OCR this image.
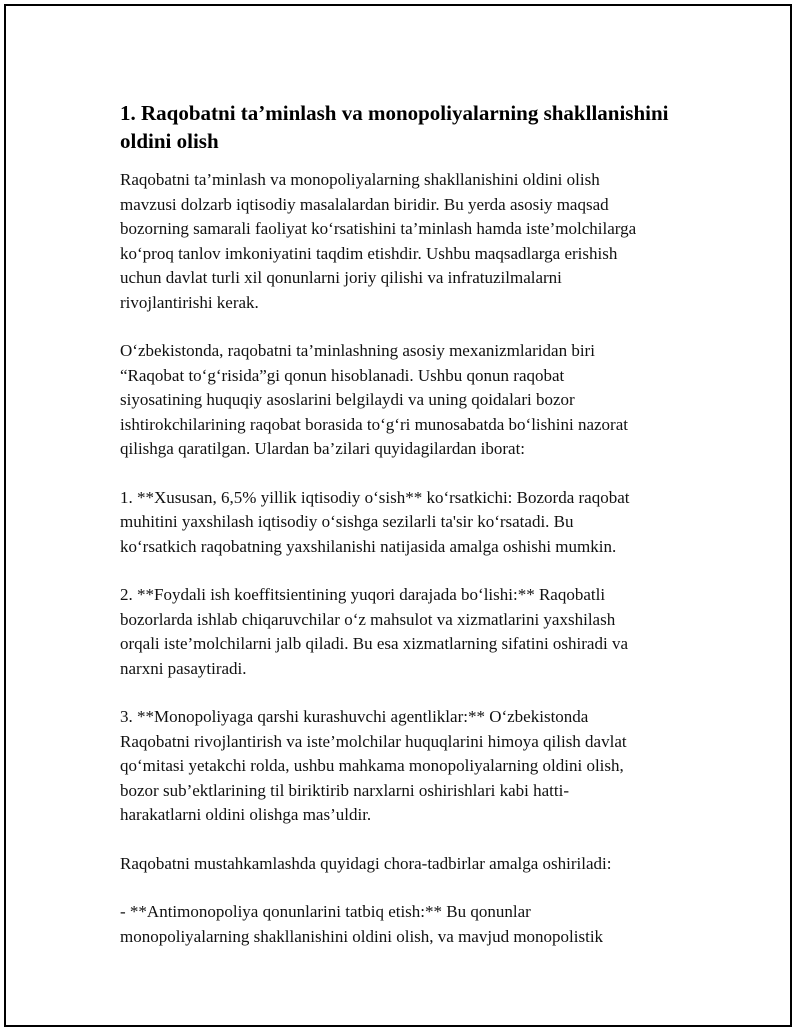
1. Raqobatni ta’minlash va monopoliyalarning shakllanishini oldini olish

Raqobatni ta’minlash va monopoliyalarning shakllanishini oldini olish
mavzusi dolzarb iqtisodiy masalalardan biridir. Bu yerda asosiy maqsad
bozorning samarali faoliyat ko‘rsatishini ta’minlash hamda iste’molchilarga
ko‘proq tanlov imkoniyatini taqdim etishdir. Ushbu maqsadlarga erishish
uchun davlat turli xil qonunlarni joriy qilishi va infratuzilmalarni
rivojlantirishi kerak.

O‘zbekistonda, raqobatni ta’minlashning asosiy mexanizmlaridan biri
“Raqobat to‘g‘risida”gi qonun hisoblanadi. Ushbu qonun raqobat
siyosatining huquqiy asoslarini belgilaydi va uning qoidalari bozor
ishtirokchilarining raqobat borasida to‘g‘ri munosabatda bo‘lishini nazorat
qilishga qaratilgan. Ulardan ba’zilari quyidagilardan iborat:

1. **Xususan, 6,5% yillik iqtisodiy o‘sish** ko‘rsatkichi: Bozorda raqobat
muhitini yaxshilash iqtisodiy o‘sishga sezilarli ta'sir ko‘rsatadi. Bu
ko‘rsatkich raqobatning yaxshilanishi natijasida amalga oshishi mumkin.

2. **Foydali ish koeffitsientining yuqori darajada bo‘lishi:** Raqobatli
bozorlarda ishlab chiqaruvchilar o‘z mahsulot va xizmatlarini yaxshilash
orqali iste’molchilarni jalb qiladi. Bu esa xizmatlarning sifatini oshiradi va
narxni pasaytiradi.

3. **Monopoliyaga qarshi kurashuvchi agentliklar:** O‘zbekistonda
Raqobatni rivojlantirish va iste’molchilar huquqlarini himoya qilish davlat
qo‘mitasi yetakchi rolda, ushbu mahkama monopoliyalarning oldini olish,
bozor sub’ektlarining til biriktirib narxlarni oshirishlari kabi hatti-
harakatlarni oldini olishga mas’uldir.

Raqobatni mustahkamlashda quyidagi chora-tadbirlar amalga oshiriladi:

- **Antimonopoliya qonunlarini tatbiq etish:** Bu qonunlar
monopoliyalarning shakllanishini oldini olish, va mavjud monopolistik
